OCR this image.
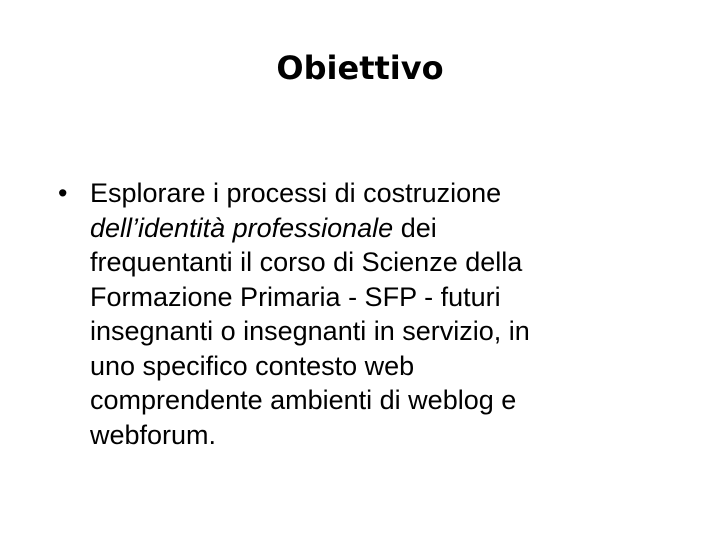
Obiettivo
• Esplorare i processi di costruzione
dell’identità professionale dei
frequentanti il corso di Scienze della
Formazione Primaria - SFP - futuri
insegnanti o insegnanti in servizio, in
uno specifico contesto web
comprendente ambienti di weblog e
webforum.
